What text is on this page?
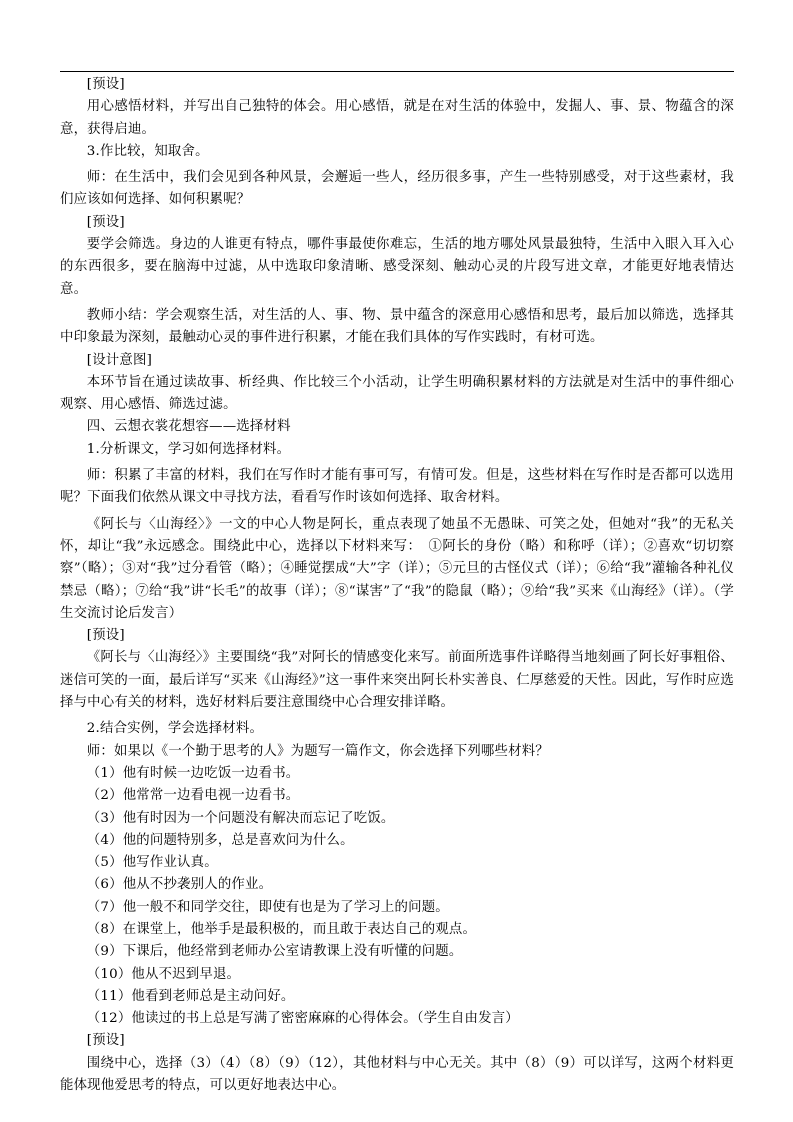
[预设]

用心感悟材料，并写出自己独特的体会。用心感悟，就是在对生活的体验中，发掘人、事、景、物蕴含的深意，获得启迪。

3.作比较，知取舍。

师：在生活中，我们会见到各种风景，会邂逅一些人，经历很多事，产生一些特别感受，对于这些素材，我们应该如何选择、如何积累呢？

[预设]

要学会筛选。身边的人谁更有特点，哪件事最使你难忘，生活的地方哪处风景最独特，生活中入眼入耳入心的东西很多，要在脑海中过滤，从中选取印象清晰、感受深刻、触动心灵的片段写进文章，才能更好地表情达意。

教师小结：学会观察生活，对生活的人、事、物、景中蕴含的深意用心感悟和思考，最后加以筛选，选择其中印象最为深刻，最触动心灵的事件进行积累，才能在我们具体的写作实践时，有材可选。

[设计意图]

本环节旨在通过读故事、析经典、作比较三个小活动，让学生明确积累材料的方法就是对生活中的事件细心观察、用心感悟、筛选过滤。

四、云想衣裳花想容——选择材料

1.分析课文，学习如何选择材料。

师：积累了丰富的材料，我们在写作时才能有事可写，有情可发。但是，这些材料在写作时是否都可以选用呢？下面我们依然从课文中寻找方法，看看写作时该如何选择、取舍材料。

《阿长与〈山海经〉》一文的中心人物是阿长，重点表现了她虽不无愚昧、可笑之处，但她对“我”的无私关怀，却让“我”永远感念。围绕此中心，选择以下材料来写：　①阿长的身份（略）和称呼（详）；②喜欢“切切察察”（略）；③对“我”过分看管（略）；④睡觉摆成“大”字（详）；⑤元旦的古怪仪式（详）；⑥给“我”灌输各种礼仪禁忌（略）；⑦给“我”讲“长毛”的故事（详）；⑧“谋害”了“我”的隐鼠（略）；⑨给“我”买来《山海经》（详）。（学生交流讨论后发言）

[预设]

《阿长与〈山海经〉》主要围绕“我”对阿长的情感变化来写。前面所选事件详略得当地刻画了阿长好事粗俗、迷信可笑的一面，最后详写“买来《山海经》”这一事件来突出阿长朴实善良、仁厚慈爱的天性。因此，写作时应选择与中心有关的材料，选好材料后要注意围绕中心合理安排详略。

2.结合实例，学会选择材料。

师：如果以《一个勤于思考的人》为题写一篇作文，你会选择下列哪些材料？

（1）他有时候一边吃饭一边看书。

（2）他常常一边看电视一边看书。

（3）他有时因为一个问题没有解决而忘记了吃饭。

（4）他的问题特别多，总是喜欢问为什么。

（5）他写作业认真。

（6）他从不抄袭别人的作业。

（7）他一般不和同学交往，即使有也是为了学习上的问题。

（8）在课堂上，他举手是最积极的，而且敢于表达自己的观点。

（9）下课后，他经常到老师办公室请教课上没有听懂的问题。

（10）他从不迟到早退。

（11）他看到老师总是主动问好。

（12）他读过的书上总是写满了密密麻麻的心得体会。（学生自由发言）

[预设]

围绕中心，选择（3）（4）（8）（9）（12），其他材料与中心无关。其中（8）（9）可以详写，这两个材料更能体现他爱思考的特点，可以更好地表达中心。
